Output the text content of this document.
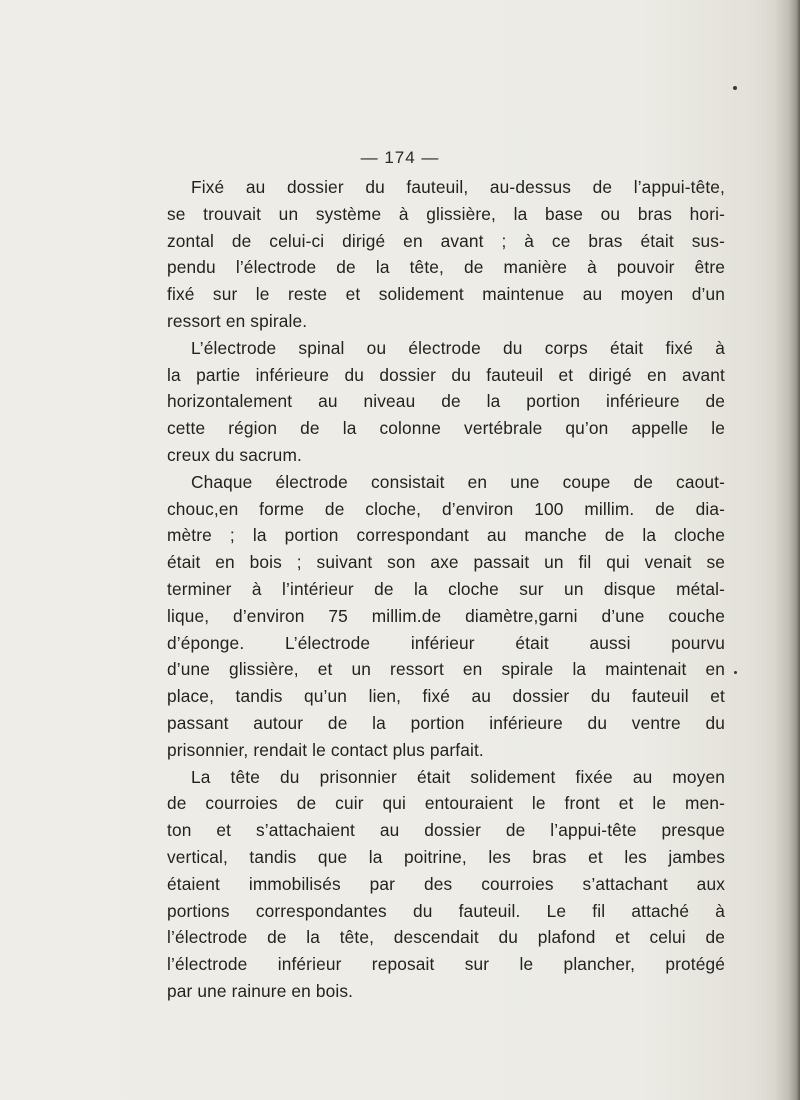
— 174 —
Fixé au dossier du fauteuil, au-dessus de l’appui-tête,
se trouvait un système à glissière, la base ou bras hori-
zontal de celui-ci dirigé en avant ; à ce bras était sus-
pendu l’électrode de la tête, de manière à pouvoir être
fixé sur le reste et solidement maintenue au moyen d’un
ressort en spirale.
L’électrode spinal ou électrode du corps était fixé à
la partie inférieure du dossier du fauteuil et dirigé en avant
horizontalement au niveau de la portion inférieure de
cette région de la colonne vertébrale qu’on appelle le
creux du sacrum.
Chaque électrode consistait en une coupe de caout-
chouc,en forme de cloche, d’environ 100 millim. de dia-
mètre ; la portion correspondant au manche de la cloche
était en bois ; suivant son axe passait un fil qui venait se
terminer à l’intérieur de la cloche sur un disque métal-
lique, d’environ 75 millim.de diamètre,garni d’une couche
d’éponge. L’électrode inférieur était aussi pourvu
d’une glissière, et un ressort en spirale la maintenait en
place, tandis qu’un lien, fixé au dossier du fauteuil et
passant autour de la portion inférieure du ventre du
prisonnier, rendait le contact plus parfait.
La tête du prisonnier était solidement fixée au moyen
de courroies de cuir qui entouraient le front et le men-
ton et s’attachaient au dossier de l’appui-tête presque
vertical, tandis que la poitrine, les bras et les jambes
étaient immobilisés par des courroies s’attachant aux
portions correspondantes du fauteuil. Le fil attaché à
l’électrode de la tête, descendait du plafond et celui de
l’électrode inférieur reposait sur le plancher, protégé
par une rainure en bois.
